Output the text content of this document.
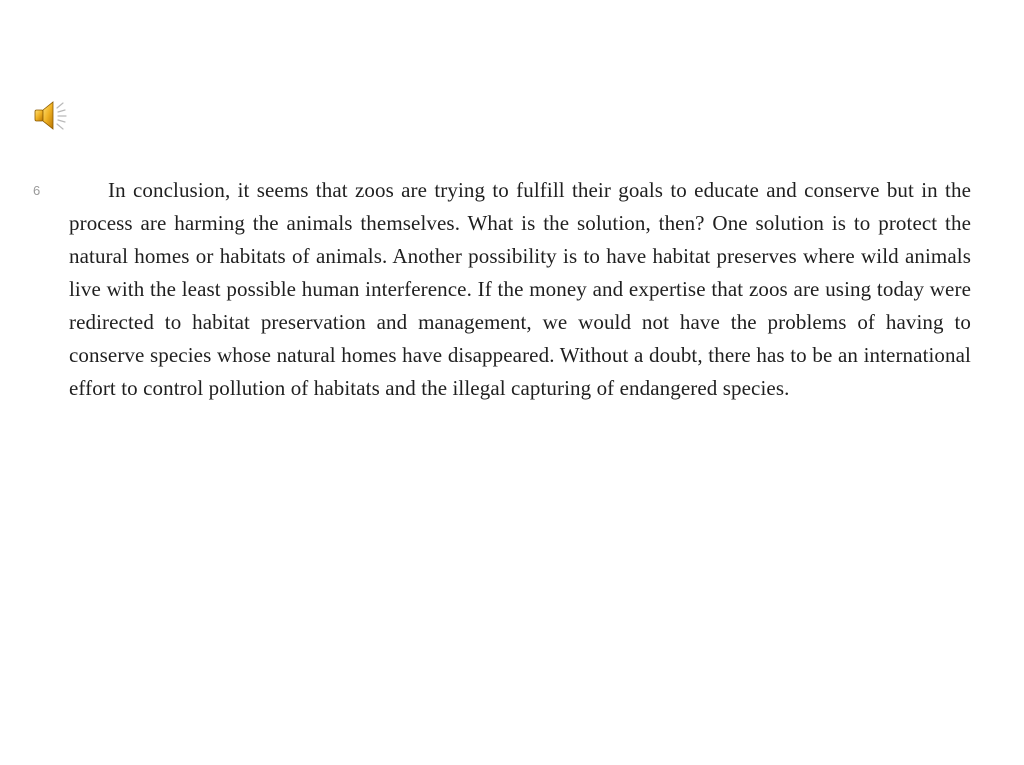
6	In conclusion, it seems that zoos are trying to fulfill their goals to educate and conserve but in the process are harming the animals themselves. What is the solution, then? One solution is to protect the natural homes or habitats of animals. Another possibility is to have habitat preserves where wild animals live with the least possible human interference. If the money and expertise that zoos are using today were redirected to habitat preservation and management, we would not have the problems of having to conserve species whose natural homes have disappeared. Without a doubt, there has to be an international effort to control pollution of habitats and the illegal capturing of endangered species.
